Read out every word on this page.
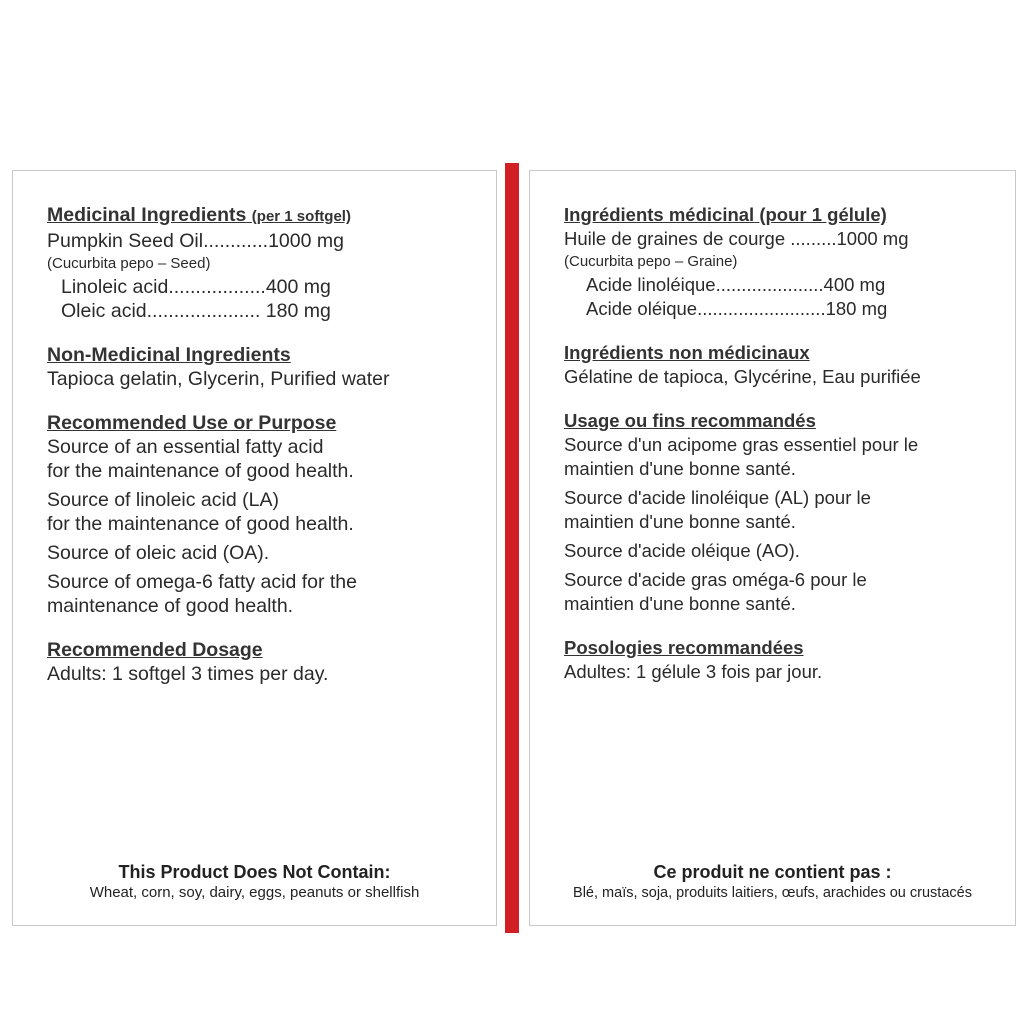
Medicinal Ingredients (per 1 softgel)

Pumpkin Seed Oil............1000 mg

(Cucurbita pepo – Seed)

Linoleic acid..................400 mg

Oleic acid..................... 180 mg

Non-Medicinal Ingredients

Tapioca gelatin, Glycerin, Purified water

Recommended Use or Purpose

Source of an essential fatty acid

for the maintenance of good health.

Source of linoleic acid (LA)

for the maintenance of good health.

Source of oleic acid (OA).

Source of omega-6 fatty acid for the

maintenance of good health.

Recommended Dosage

Adults: 1 softgel 3 times per day.

This Product Does Not Contain:
Wheat, corn, soy, dairy, eggs, peanuts or shellfish

Ingrédients médicinal (pour 1 gélule)

Huile de graines de courge .........1000 mg

(Cucurbita pepo – Graine)

Acide linoléique.....................400 mg

Acide oléique.........................180 mg

Ingrédients non médicinaux

Gélatine de tapioca, Glycérine, Eau purifiée

Usage ou fins recommandés

Source d'un acipome gras essentiel pour le

maintien d'une bonne santé.

Source d'acide linoléique (AL) pour le

maintien d'une bonne santé.

Source d'acide oléique (AO).

Source d'acide gras oméga-6 pour le

maintien d'une bonne santé.

Posologies recommandées

Adultes: 1 gélule 3 fois par jour.

Ce produit ne contient pas :
Blé, maïs, soja, produits laitiers, œufs, arachides ou crustacés
